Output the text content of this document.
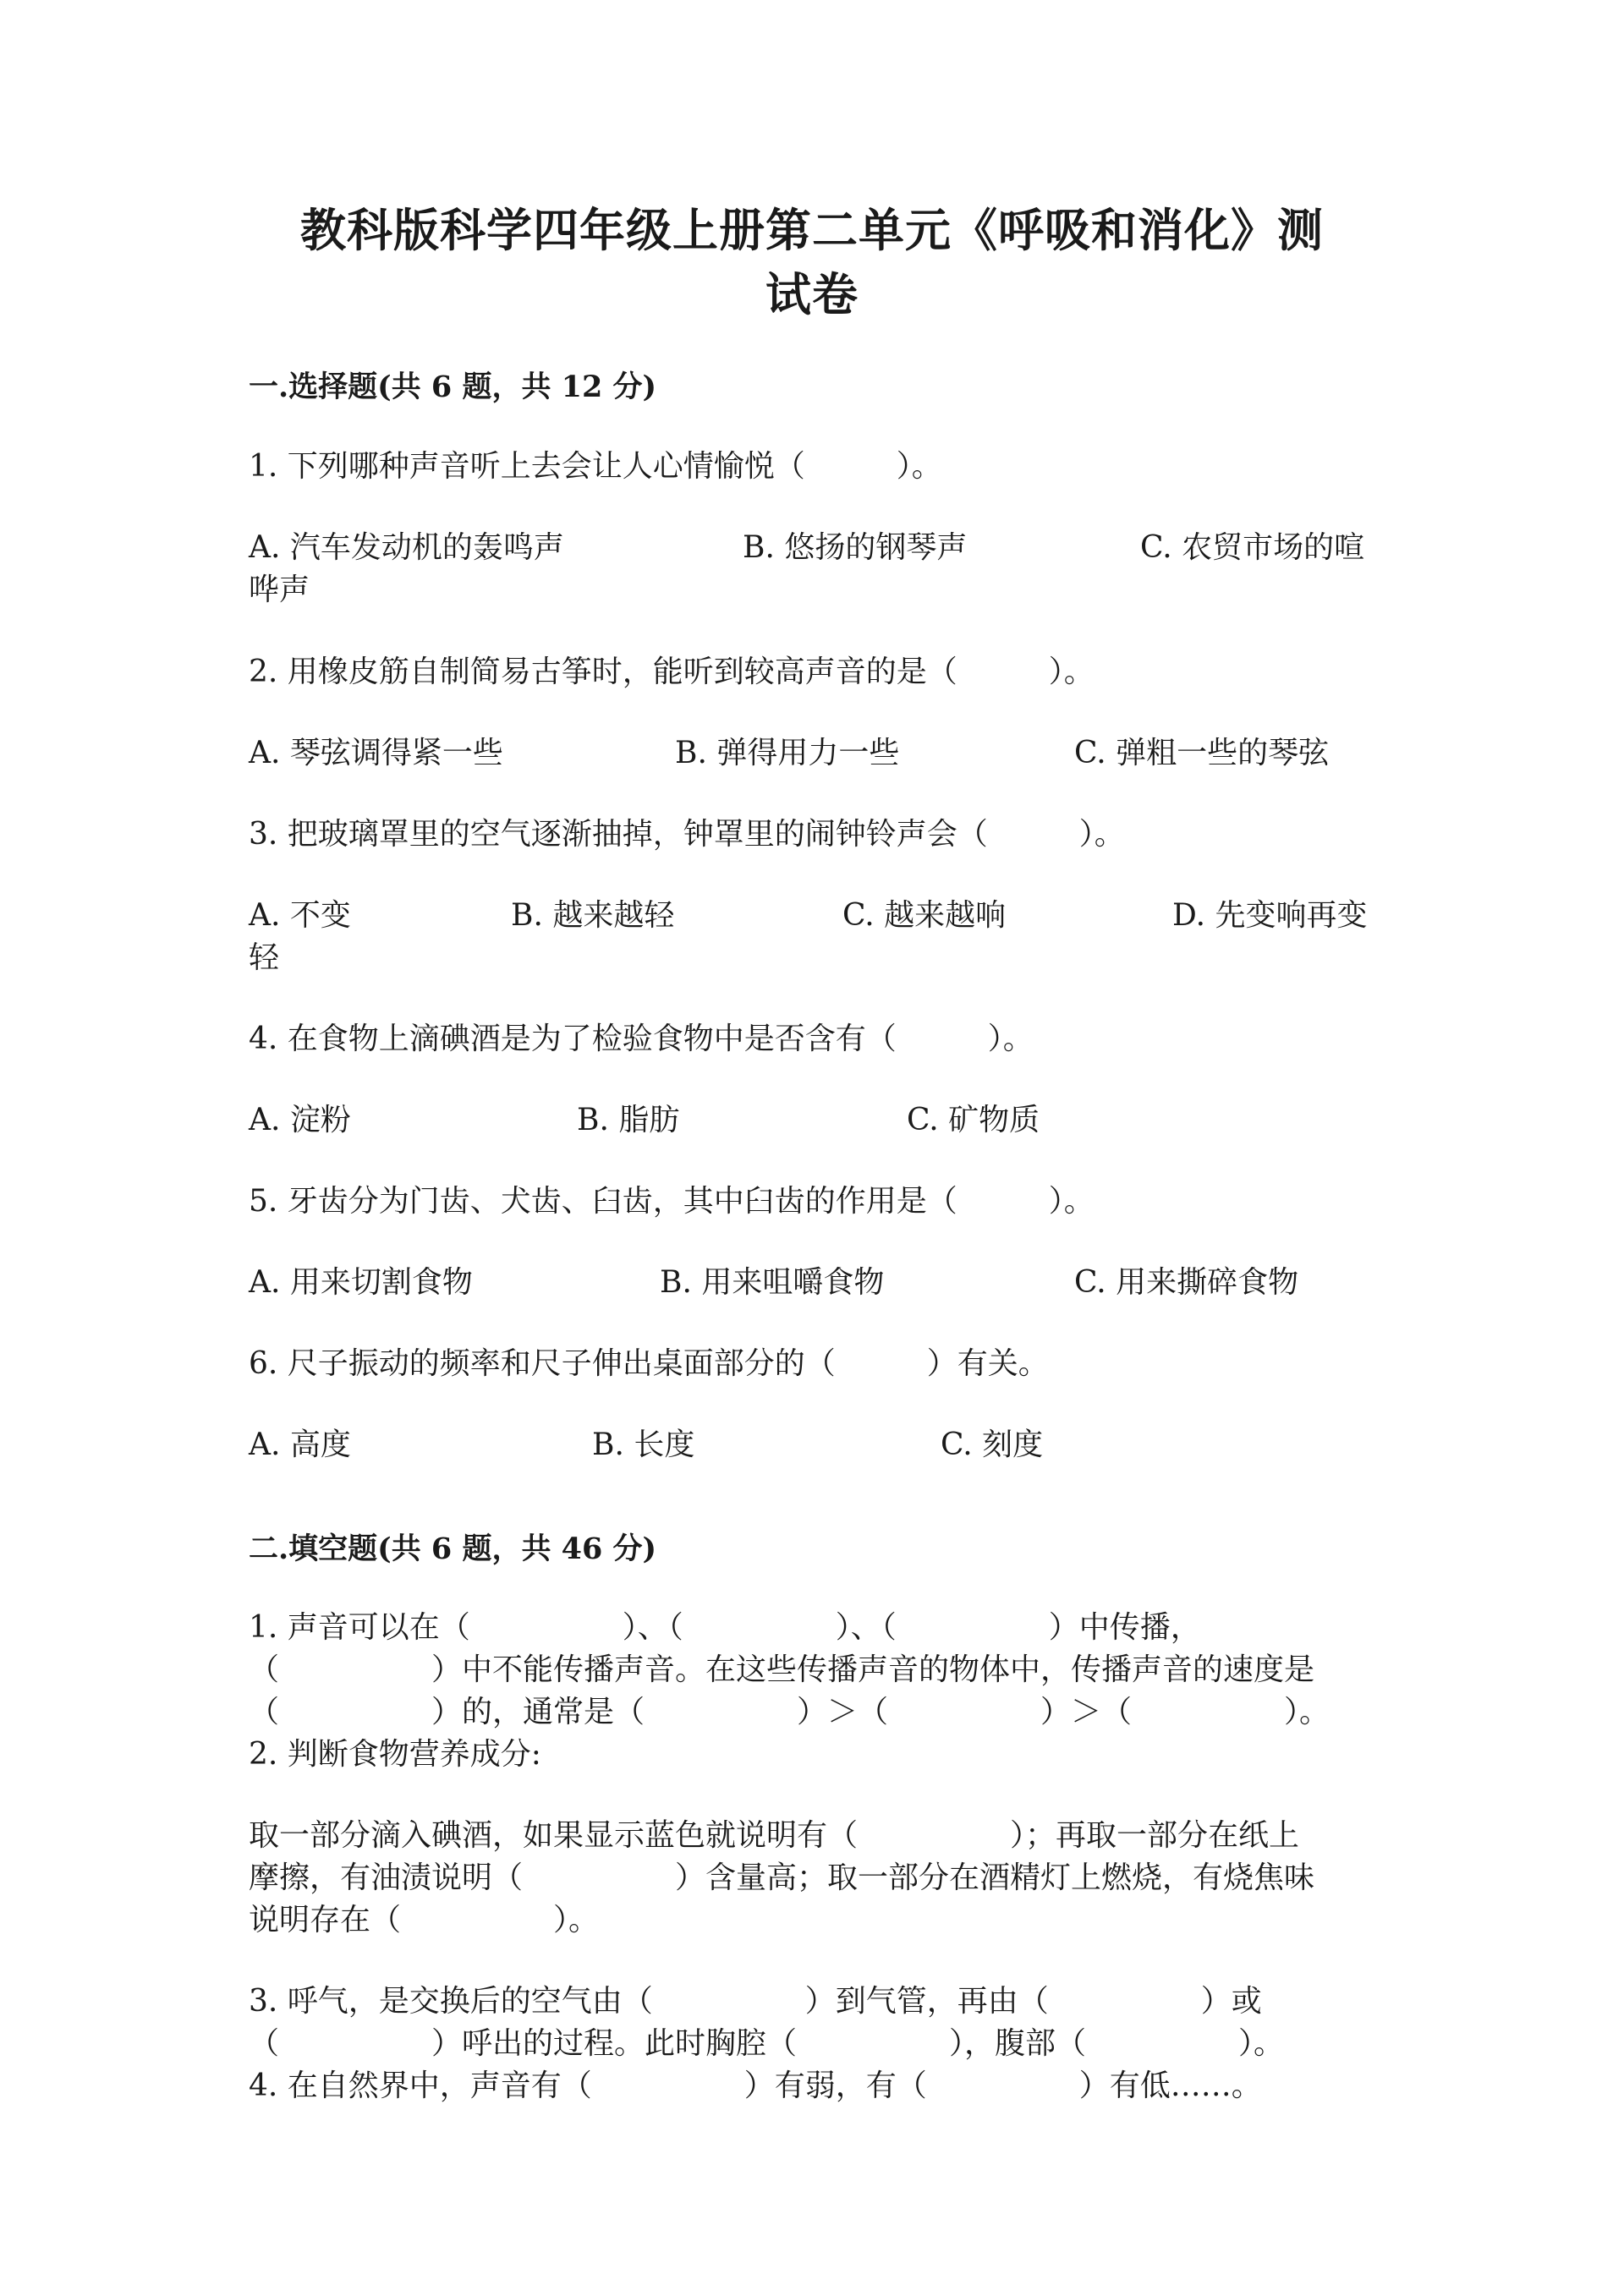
教科版科学四年级上册第二单元《呼吸和消化》测
试卷
一.选择题(共 6 题，共 12 分)
1. 下列哪种声音听上去会让人心情愉悦（　　　）。
A. 汽车发动机的轰鸣声	B. 悠扬的钢琴声	C. 农贸市场的喧
哗声
2. 用橡皮筋自制简易古筝时，能听到较高声音的是（　　　）。
A. 琴弦调得紧一些	B. 弹得用力一些	C. 弹粗一些的琴弦
3. 把玻璃罩里的空气逐渐抽掉，钟罩里的闹钟铃声会（　　　）。
A. 不变	B. 越来越轻	C. 越来越响	D. 先变响再变
轻
4. 在食物上滴碘酒是为了检验食物中是否含有（　　　）。
A. 淀粉	B. 脂肪	C. 矿物质
5. 牙齿分为门齿、犬齿、臼齿，其中臼齿的作用是（　　　）。
A. 用来切割食物	B. 用来咀嚼食物	C. 用来撕碎食物
6. 尺子振动的频率和尺子伸出桌面部分的（　　　）有关。
A. 高度	B. 长度	C. 刻度
二.填空题(共 6 题，共 46 分)
1. 声音可以在（　　　　　）、（　　　　　）、（　　　　　）中传播，
（　　　　　）中不能传播声音。在这些传播声音的物体中，传播声音的速度是
（　　　　　）的，通常是（　　　　　）＞（　　　　　）＞（　　　　　）。
2. 判断食物营养成分:
取一部分滴入碘酒，如果显示蓝色就说明有（　　　　　）；再取一部分在纸上
摩擦，有油渍说明（　　　　　）含量高；取一部分在酒精灯上燃烧，有烧焦味
说明存在（　　　　　）。
3. 呼气，是交换后的空气由（　　　　　）到气管，再由（　　　　　）或
（　　　　　）呼出的过程。此时胸腔（　　　　　），腹部（　　　　　）。
4. 在自然界中，声音有（　　　　　）有弱，有（　　　　　）有低……。
